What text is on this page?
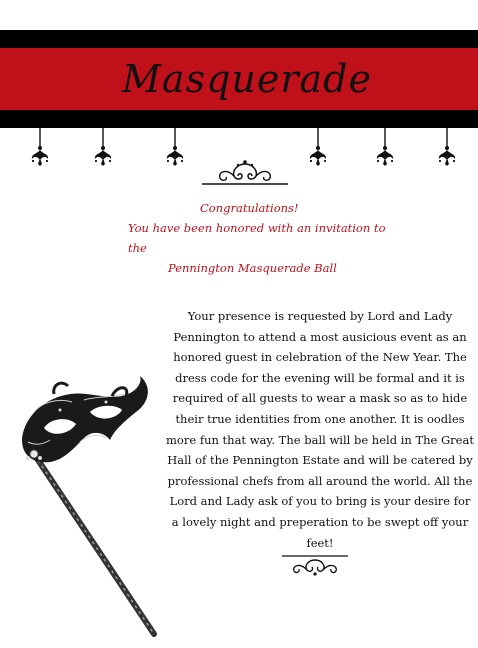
Masquerade
Congratulations!
You have been honored with an invitation to the
Pennington Masquerade Ball
Your presence is requested by Lord and Lady Pennington to attend a most ausicious event as an honored guest in celebration of the New Year. The dress code for the evening will be formal and it is required of all guests to wear a mask so as to hide their true identities from one another. It is oodles more fun that way. The ball will be held in The Great Hall of the Pennington Estate and will be catered by professional chefs from all around the world. All the Lord and Lady ask of you to bring is your desire for a lovely night and preperation to be swept off your feet!
